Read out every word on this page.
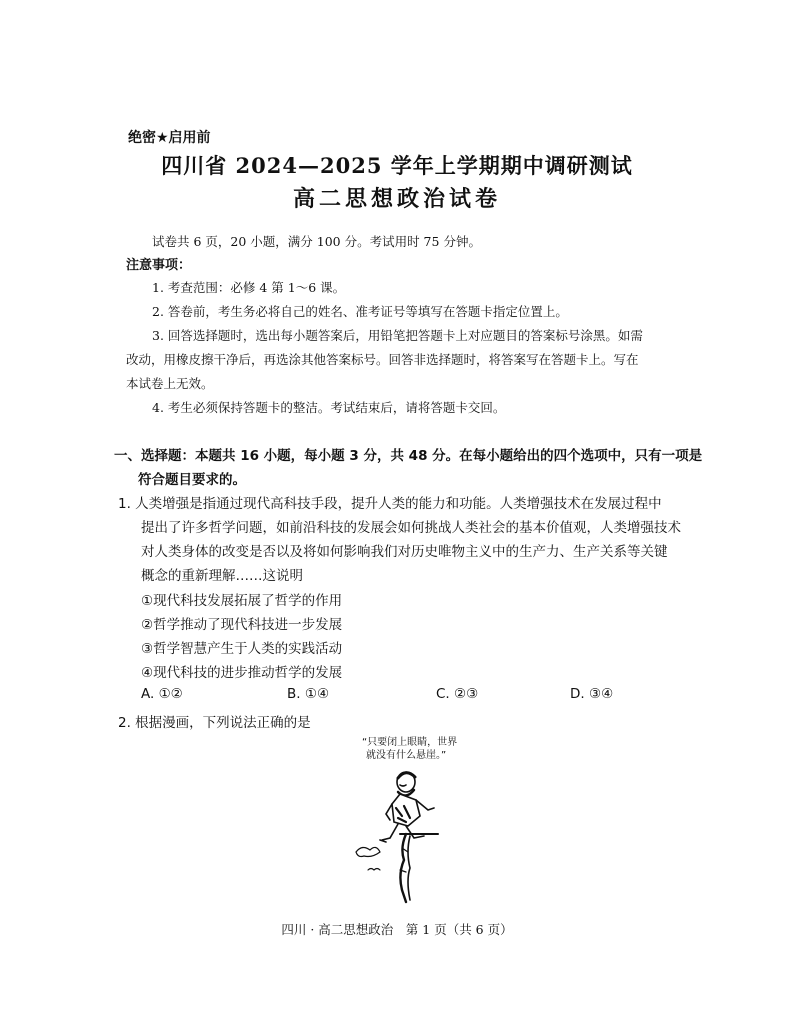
绝密★启用前
四川省 2024—2025 学年上学期期中调研测试
高二思想政治试卷
试卷共 6 页，20 小题，满分 100 分。考试用时 75 分钟。
注意事项：
1. 考查范围：必修 4 第 1～6 课。
2. 答卷前，考生务必将自己的姓名、准考证号等填写在答题卡指定位置上。
3. 回答选择题时，选出每小题答案后，用铅笔把答题卡上对应题目的答案标号涂黑。如需
改动，用橡皮擦干净后，再选涂其他答案标号。回答非选择题时，将答案写在答题卡上。写在
本试卷上无效。
4. 考生必须保持答题卡的整洁。考试结束后，请将答题卡交回。
一、选择题：本题共 16 小题，每小题 3 分，共 48 分。在每小题给出的四个选项中，只有一项是
符合题目要求的。
1. 人类增强是指通过现代高科技手段，提升人类的能力和功能。人类增强技术在发展过程中
提出了许多哲学问题，如前沿科技的发展会如何挑战人类社会的基本价值观，人类增强技术
对人类身体的改变是否以及将如何影响我们对历史唯物主义中的生产力、生产关系等关键
概念的重新理解……这说明
①现代科技发展拓展了哲学的作用
②哲学推动了现代科技进一步发展
③哲学智慧产生于人类的实践活动
④现代科技的进步推动哲学的发展
A. ①②	B. ①④	C. ②③	D. ③④
2. 根据漫画，下列说法正确的是
“只要闭上眼睛，世界
就没有什么悬崖。”
四川 · 高二思想政治　第 1 页（共 6 页）
